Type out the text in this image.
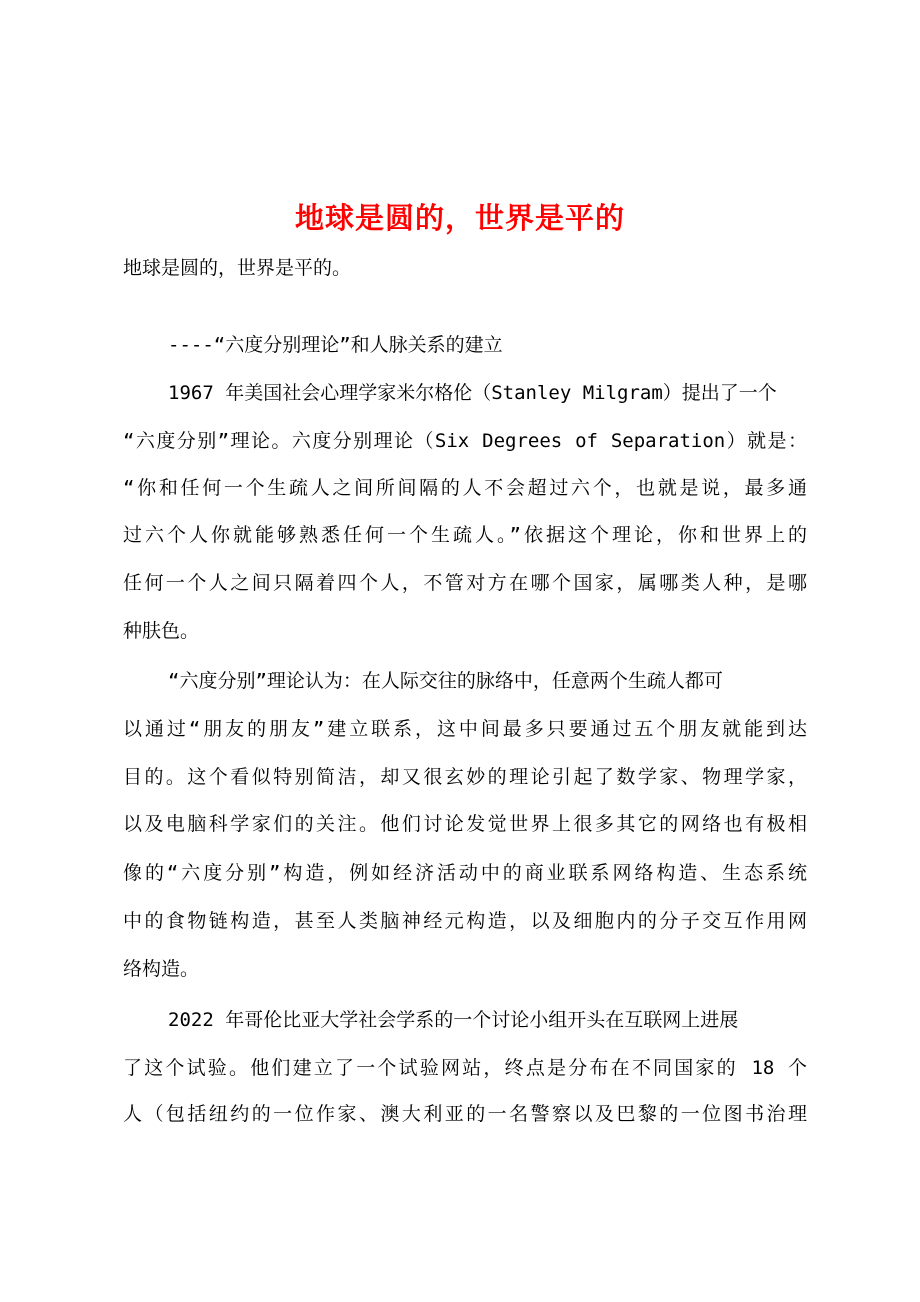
地球是圆的，世界是平的
地球是圆的，世界是平的。
----“六度分别理论”和人脉关系的建立
1967 年美国社会心理学家米尔格伦（Stanley Milgram）提出了一个
“六度分别”理论。六度分别理论（Six Degrees of Separation）就是：
“你和任何一个生疏人之间所间隔的人不会超过六个，也就是说，最多通
过六个人你就能够熟悉任何一个生疏人。”依据这个理论，你和世界上的
任何一个人之间只隔着四个人，不管对方在哪个国家，属哪类人种，是哪
种肤色。
“六度分别”理论认为：在人际交往的脉络中，任意两个生疏人都可
以通过“朋友的朋友”建立联系，这中间最多只要通过五个朋友就能到达
目的。这个看似特别简洁，却又很玄妙的理论引起了数学家、物理学家，
以及电脑科学家们的关注。他们讨论发觉世界上很多其它的网络也有极相
像的“六度分别”构造，例如经济活动中的商业联系网络构造、生态系统
中的食物链构造，甚至人类脑神经元构造，以及细胞内的分子交互作用网
络构造。
2022 年哥伦比亚大学社会学系的一个讨论小组开头在互联网上进展
了这个试验。他们建立了一个试验网站，终点是分布在不同国家的 18 个
人（包括纽约的一位作家、澳大利亚的一名警察以及巴黎的一位图书治理
